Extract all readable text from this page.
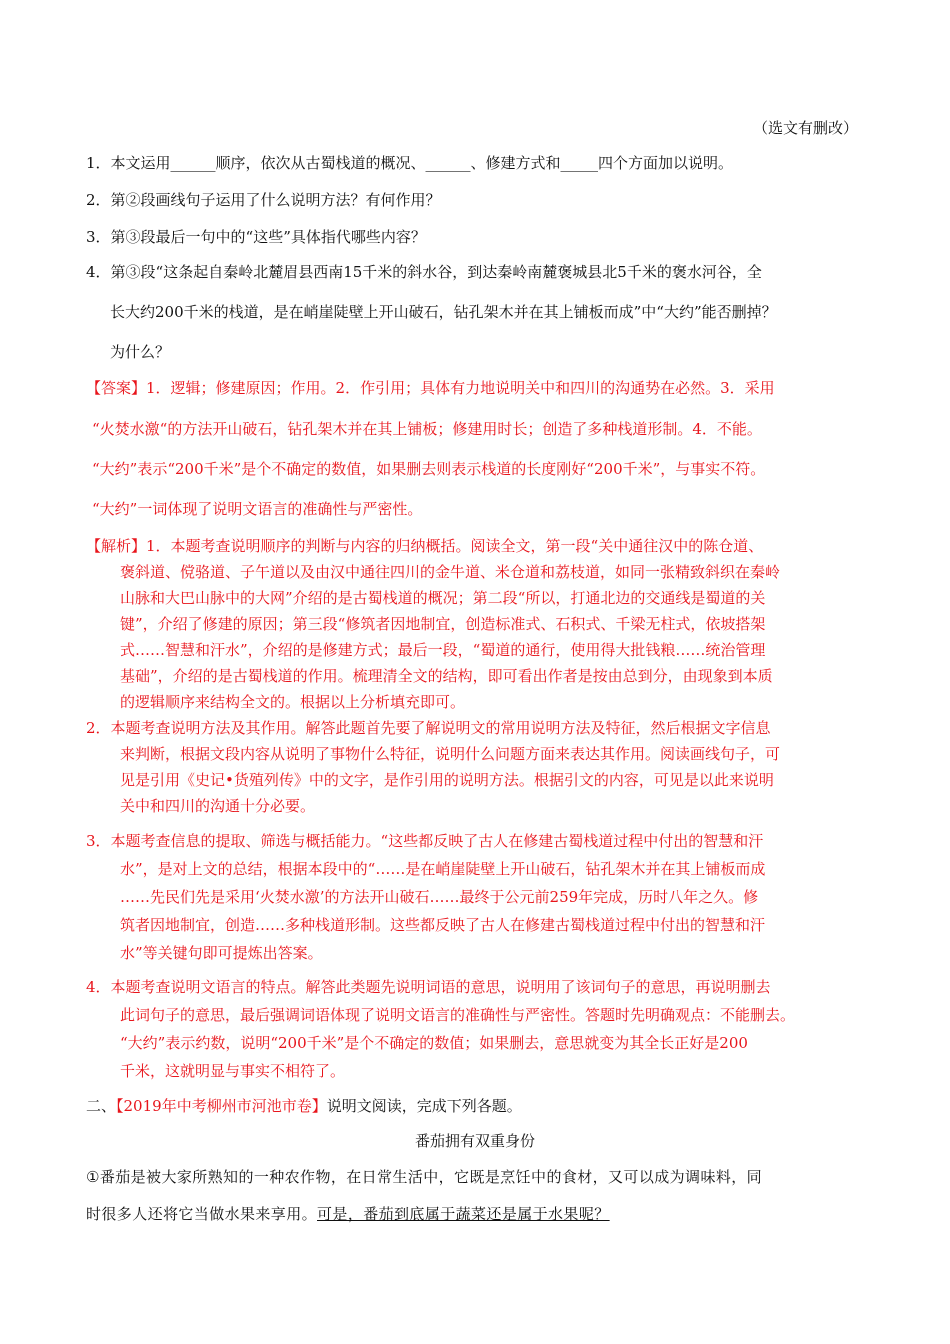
（选文有删改）
1．本文运用______顺序，依次从古蜀栈道的概况、______、修建方式和_____四个方面加以说明。
2．第②段画线句子运用了什么说明方法？有何作用？
3．第③段最后一句中的“这些”具体指代哪些内容？
4．第③段“这条起自秦岭北麓眉县西南15千米的斜水谷，到达秦岭南麓褒城县北5千米的褒水河谷，全
长大约200千米的栈道，是在峭崖陡壁上开山破石，钻孔架木并在其上铺板而成”中“大约”能否删掉？
为什么？
【答案】1．逻辑；修建原因；作用。2．作引用；具体有力地说明关中和四川的沟通势在必然。3．采用
“火焚水激“的方法开山破石，钻孔架木并在其上铺板；修建用时长；创造了多种栈道形制。4．不能。
“大约”表示“200千米”是个不确定的数值，如果删去则表示栈道的长度刚好“200千米”，与事实不符。
“大约”一词体现了说明文语言的准确性与严密性。
【解析】1．本题考查说明顺序的判断与内容的归纳概括。阅读全文，第一段“关中通往汉中的陈仓道、
褒斜道、傥骆道、子午道以及由汉中通往四川的金牛道、米仓道和荔枝道，如同一张精致斜织在秦岭
山脉和大巴山脉中的大网”介绍的是古蜀栈道的概况；第二段“所以，打通北边的交通线是蜀道的关
键”，介绍了修建的原因；第三段“修筑者因地制宜，创造标准式、石积式、千梁无柱式，依坡搭架
式……智慧和汗水”，介绍的是修建方式；最后一段，“蜀道的通行，使用得大批钱粮……统治管理
基础”，介绍的是古蜀栈道的作用。梳理清全文的结构，即可看出作者是按由总到分，由现象到本质
的逻辑顺序来结构全文的。根据以上分析填充即可。
2．本题考查说明方法及其作用。解答此题首先要了解说明文的常用说明方法及特征，然后根据文字信息
来判断，根据文段内容从说明了事物什么特征，说明什么问题方面来表达其作用。阅读画线句子，可
见是引用《史记•货殖列传》中的文字，是作引用的说明方法。根据引文的内容，可见是以此来说明
关中和四川的沟通十分必要。
3．本题考查信息的提取、筛选与概括能力。“这些都反映了古人在修建古蜀栈道过程中付出的智慧和汗
水”，是对上文的总结，根据本段中的“……是在峭崖陡壁上开山破石，钻孔架木并在其上铺板而成
……先民们先是采用‘火焚水激’的方法开山破石……最终于公元前259年完成，历时八年之久。修
筑者因地制宜，创造……多种栈道形制。这些都反映了古人在修建古蜀栈道过程中付出的智慧和汗
水”等关键句即可提炼出答案。
4．本题考查说明文语言的特点。解答此类题先说明词语的意思，说明用了该词句子的意思，再说明删去
此词句子的意思，最后强调词语体现了说明文语言的准确性与严密性。答题时先明确观点：不能删去。
“大约”表示约数，说明“200千米”是个不确定的数值；如果删去，意思就变为其全长正好是200
千米，这就明显与事实不相符了。
二、【2019年中考柳州市河池市卷】说明文阅读，完成下列各题。
番茄拥有双重身份
①番茄是被大家所熟知的一种农作物，在日常生活中，它既是烹饪中的食材，又可以成为调味料，同
时很多人还将它当做水果来享用。可是，番茄到底属于蔬菜还是属于水果呢？
